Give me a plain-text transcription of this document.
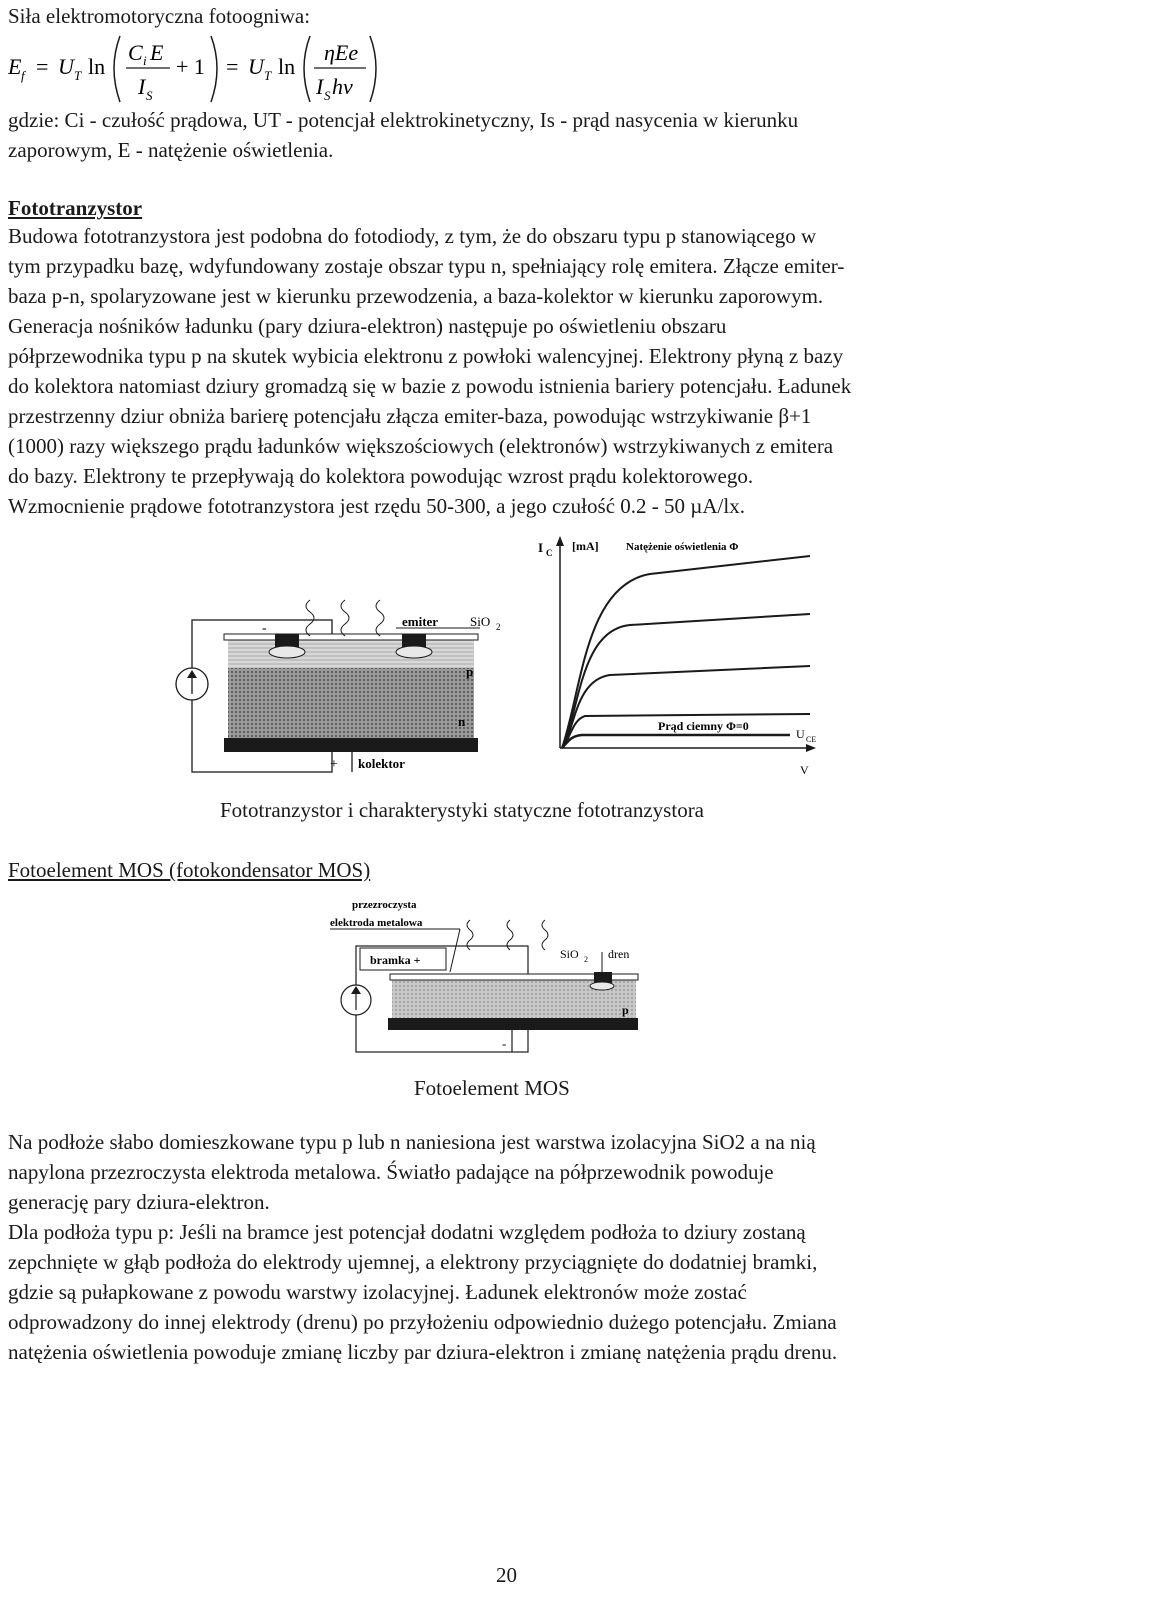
Siła elektromotoryczna fotoogniwa:
E f = U T ln
C i E
I S
+ 1 = U T ln
ηEe
I S hν
gdzie: Ci - czułość prądowa, UT - potencjał elektrokinetyczny, Is - prąd nasycenia w kierunku
zaporowym, E - natężenie oświetlenia.
Fototranzystor
Budowa fototranzystora jest podobna do fotodiody, z tym, że do obszaru typu p stanowiącego w
tym przypadku bazę, wdyfundowany zostaje obszar typu n, spełniający rolę emitera. Złącze emiter-
baza p-n, spolaryzowane jest w kierunku przewodzenia, a baza-kolektor w kierunku zaporowym.
Generacja nośników ładunku (pary dziura-elektron) następuje po oświetleniu obszaru
półprzewodnika typu p na skutek wybicia elektronu z powłoki walencyjnej. Elektrony płyną z bazy
do kolektora natomiast dziury gromadzą się w bazie z powodu istnienia bariery potencjału. Ładunek
przestrzenny dziur obniża barierę potencjału złącza emiter-baza, powodując wstrzykiwanie β+1
(1000) razy większego prądu ładunków większościowych (elektronów) wstrzykiwanych z emitera
do bazy. Elektrony te przepływają do kolektora powodując wzrost prądu kolektorowego.
Wzmocnienie prądowe fototranzystora jest rzędu 50-300, a jego czułość 0.2 - 50 µA/lx.
emiter SiO 2
-
p
n
+ kolektor
I C [mA] Natężenie oświetlenia Φ
Prąd ciemny Φ=0
U CE
V
Fototranzystor i charakterystyki statyczne fototranzystora
Fotoelement MOS (fotokondensator MOS)
przezroczysta
elektroda metalowa
bramka +	SiO 2 dren
p
-
Fotoelement MOS
Na podłoże słabo domieszkowane typu p lub n naniesiona jest warstwa izolacyjna SiO2 a na nią
napylona przezroczysta elektroda metalowa. Światło padające na półprzewodnik powoduje
generację pary dziura-elektron.
Dla podłoża typu p: Jeśli na bramce jest potencjał dodatni względem podłoża to dziury zostaną
zepchnięte w głąb podłoża do elektrody ujemnej, a elektrony przyciągnięte do dodatniej bramki,
gdzie są pułapkowane z powodu warstwy izolacyjnej. Ładunek elektronów może zostać
odprowadzony do innej elektrody (drenu) po przyłożeniu odpowiednio dużego potencjału. Zmiana
natężenia oświetlenia powoduje zmianę liczby par dziura-elektron i zmianę natężenia prądu drenu.
20
